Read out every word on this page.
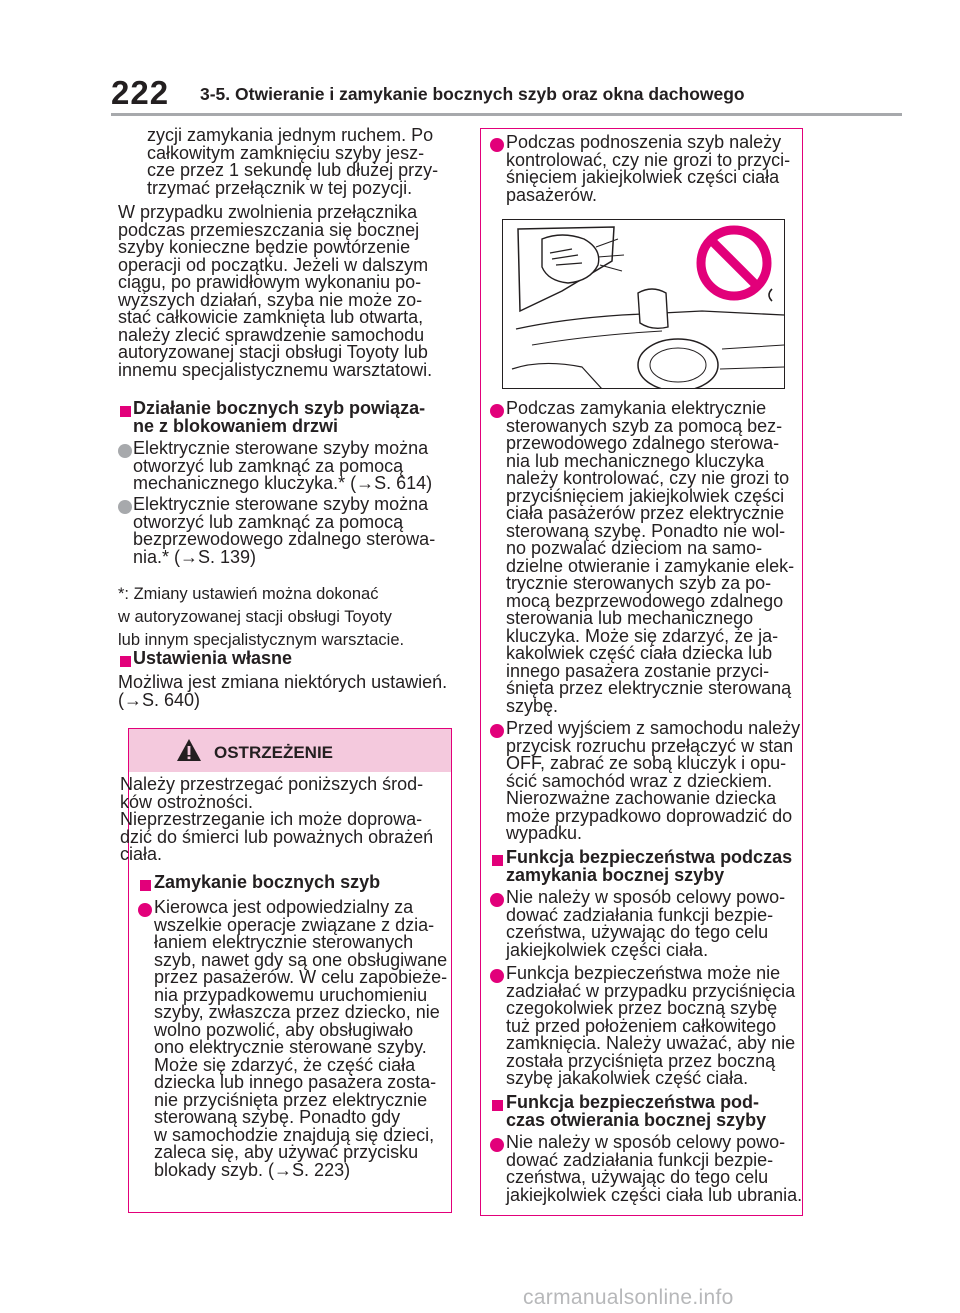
222 3-5. Otwieranie i zamykanie bocznych szyb oraz okna dachowego
zycji zamykania jednym ruchem. Po
całkowitym zamknięciu szyby jesz-
cze przez 1 sekundę lub dłużej przy-
trzymać przełącznik w tej pozycji.
W przypadku zwolnienia przełącznika
podczas przemieszczania się bocznej
szyby konieczne będzie powtórzenie
operacji od początku. Jeżeli w dalszym
ciągu, po prawidłowym wykonaniu po-
wyższych działań, szyba nie może zo-
stać całkowicie zamknięta lub otwarta,
należy zlecić sprawdzenie samochodu
autoryzowanej stacji obsługi Toyoty lub
innemu specjalistycznemu warsztatowi.
Działanie bocznych szyb powiąza-
ne z blokowaniem drzwi
Elektrycznie sterowane szyby można
otworzyć lub zamknąć za pomocą
mechanicznego kluczyka.* (→S. 614)
Elektrycznie sterowane szyby można
otworzyć lub zamknąć za pomocą
bezprzewodowego zdalnego sterowa-
nia.* (→S. 139)
*: Zmiany ustawień można dokonać
w autoryzowanej stacji obsługi Toyoty
lub innym specjalistycznym warsztacie.
Ustawienia własne
Możliwa jest zmiana niektórych ustawień.
(→S. 640)
OSTRZEŻENIE
Należy przestrzegać poniższych środ-
ków ostrożności.
Nieprzestrzeganie ich może doprowa-
dzić do śmierci lub poważnych obrażeń
ciała.
Zamykanie bocznych szyb
Kierowca jest odpowiedzialny za
wszelkie operacje związane z dzia-
łaniem elektrycznie sterowanych
szyb, nawet gdy są one obsługiwane
przez pasażerów. W celu zapobieże-
nia przypadkowemu uruchomieniu
szyby, zwłaszcza przez dziecko, nie
wolno pozwolić, aby obsługiwało
ono elektrycznie sterowane szyby.
Może się zdarzyć, że część ciała
dziecka lub innego pasażera zosta-
nie przyciśnięta przez elektrycznie
sterowaną szybę. Ponadto gdy
w samochodzie znajdują się dzieci,
zaleca się, aby używać przycisku
blokady szyb. (→S. 223)
Podczas podnoszenia szyb należy
kontrolować, czy nie grozi to przyci-
śnięciem jakiejkolwiek części ciała
pasażerów.
Podczas zamykania elektrycznie
sterowanych szyb za pomocą bez-
przewodowego zdalnego sterowa-
nia lub mechanicznego kluczyka
należy kontrolować, czy nie grozi to
przyciśnięciem jakiejkolwiek części
ciała pasażerów przez elektrycznie
sterowaną szybę. Ponadto nie wol-
no pozwalać dzieciom na samo-
dzielne otwieranie i zamykanie elek-
trycznie sterowanych szyb za po-
mocą bezprzewodowego zdalnego
sterowania lub mechanicznego
kluczyka. Może się zdarzyć, że ja-
kakolwiek część ciała dziecka lub
innego pasażera zostanie przyci-
śnięta przez elektrycznie sterowaną
szybę.
Przed wyjściem z samochodu należy
przycisk rozruchu przełączyć w stan
OFF, zabrać ze sobą kluczyk i opu-
ścić samochód wraz z dzieckiem.
Nierozważne zachowanie dziecka
może przypadkowo doprowadzić do
wypadku.
Funkcja bezpieczeństwa podczas
zamykania bocznej szyby
Nie należy w sposób celowy powo-
dować zadziałania funkcji bezpie-
czeństwa, używając do tego celu
jakiejkolwiek części ciała.
Funkcja bezpieczeństwa może nie
zadziałać w przypadku przyciśnięcia
czegokolwiek przez boczną szybę
tuż przed położeniem całkowitego
zamknięcia. Należy uważać, aby nie
została przyciśnięta przez boczną
szybę jakakolwiek część ciała.
Funkcja bezpieczeństwa pod-
czas otwierania bocznej szyby
Nie należy w sposób celowy powo-
dować zadziałania funkcji bezpie-
czeństwa, używając do tego celu
jakiejkolwiek części ciała lub ubrania.
carmanualsonline.info
